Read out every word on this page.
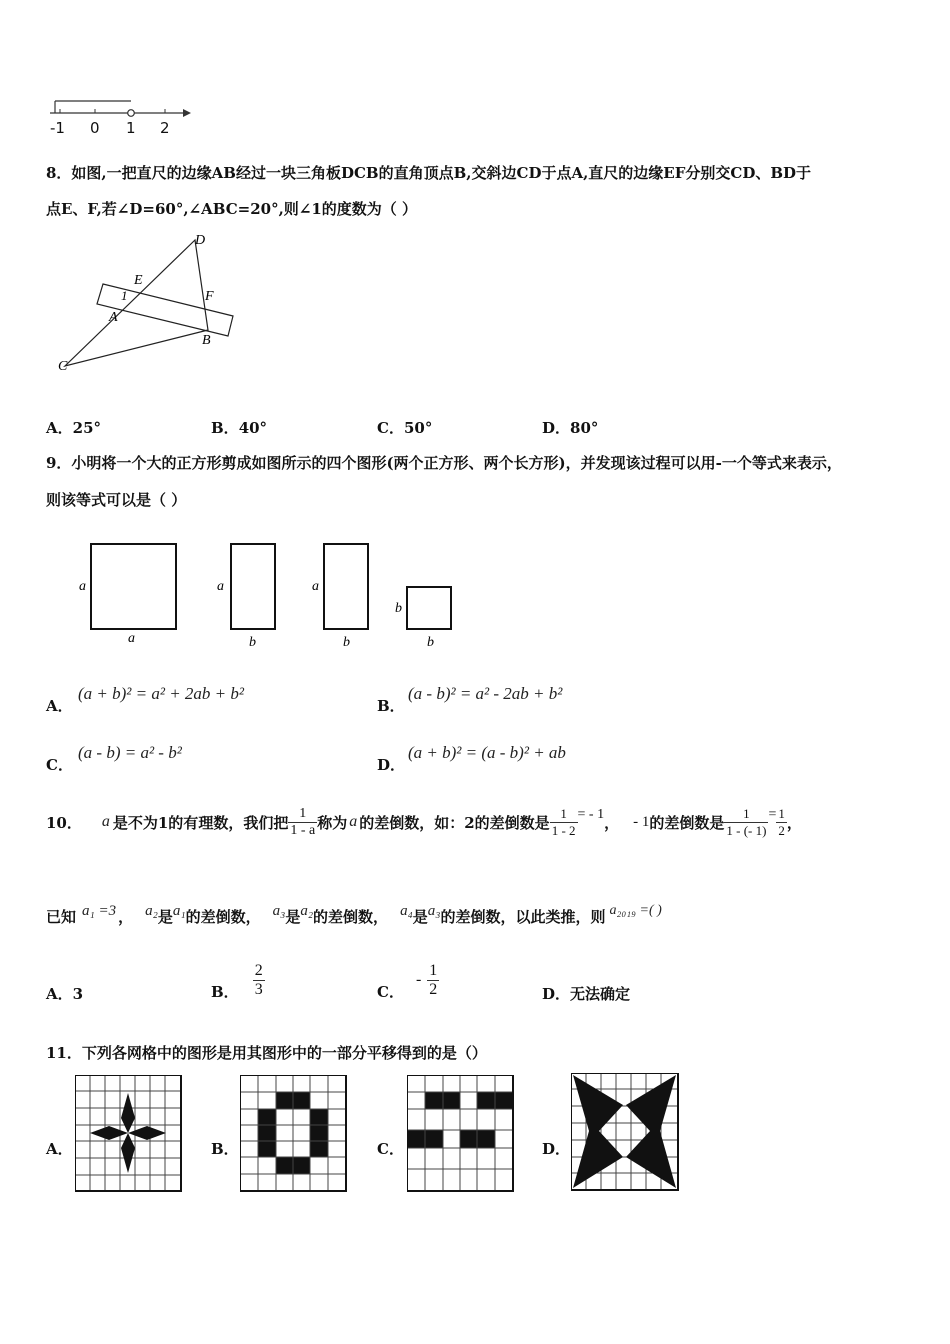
-1 0 1 2
8．如图,一把直尺的边缘AB经过一块三角板DCB的直角顶点B,交斜边CD于点A,直尺的边缘EF分别交CD、BD于
点E、F,若∠D=60°,∠ABC=20°,则∠1的度数为（ ）
D
E
F
1
A
B
C
A．25°	B．40°	C．50°	D．80°
9．小明将一个大的正方形剪成如图所示的四个图形(两个正方形、两个长方形)，并发现该过程可以用-一个等式来表示，
则该等式可以是（ ）
a
a
a
b
a
b
b
b
A．
(a + b)² = a² + 2ab + b²
B．
(a - b)² = a² - 2ab + b²
C．
(a - b) = a² - b²
D．
(a + b)² = (a - b)² + ab
10． a 是不为1的有理数，我们把 $\frac{1}{1 - a}$ 称为 a 的差倒数，如：2的差倒数是 $\frac{1}{1 - 2}$ = - 1 ， - 1 的差倒数是 $\frac{1}{1 - (- 1)} = \frac{1}{2}$ ，
已知 a₁ =3 ， a₂ 是 a₁ 的差倒数， a₃ 是 a₂ 的差倒数， a₄ 是 a₃ 的差倒数，以此类推，则 a₂₀₁₉ =( )
A．3	B． $\frac{2}{3}$	C．
- $\frac{1}{2}$	D．无法确定
11．下列各网格中的图形是用其图形中的一部分平移得到的是（）
A．	B．	C．	D．
